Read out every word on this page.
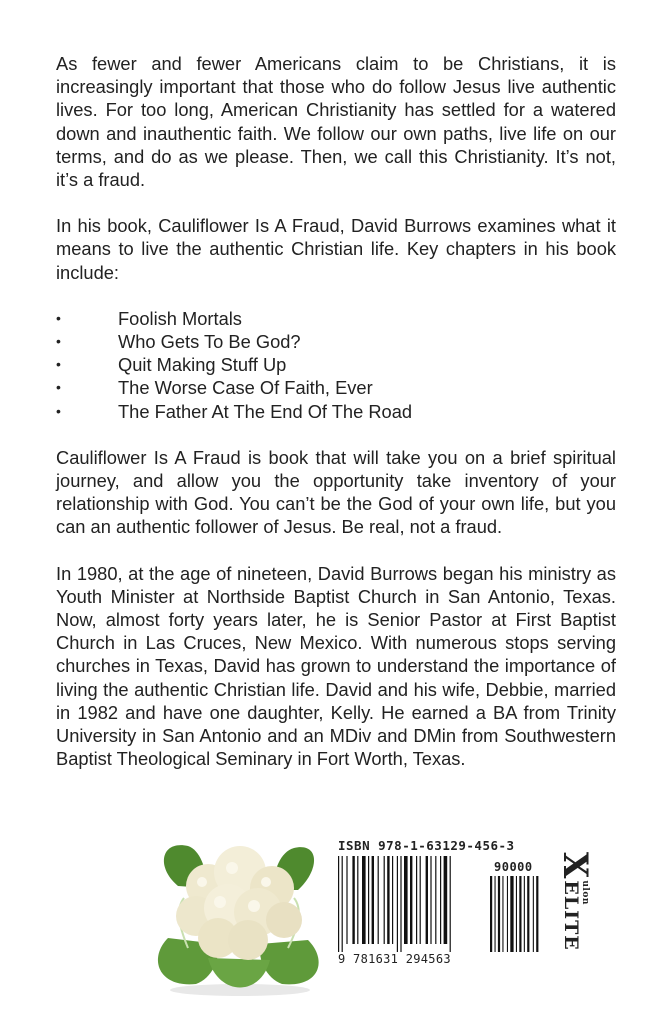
As fewer and fewer Americans claim to be Christians, it is increasingly important that those who do follow Jesus live authentic lives. For too long, American Christianity has settled for a watered down and inauthentic faith. We follow our own paths, live life on our terms, and do as we please. Then, we call this Christianity. It’s not, it’s a fraud.

In his book, Cauliflower Is A Fraud, David Burrows examines what it means to live the authentic Christian life. Key chapters in his book include:

• Foolish Mortals
• Who Gets To Be God?
• Quit Making Stuff Up
• The Worse Case Of Faith, Ever
• The Father At The End Of The Road

Cauliflower Is A Fraud is book that will take you on a brief spiritual journey, and allow you the opportunity take inventory of your relationship with God. You can’t be the God of your own life, but you can an authentic follower of Jesus. Be real, not a fraud.

In 1980, at the age of nineteen, David Burrows began his ministry as Youth Minister at Northside Baptist Church in San Antonio, Texas. Now, almost forty years later, he is Senior Pastor at First Baptist Church in Las Cruces, New Mexico. With numerous stops serving churches in Texas, David has grown to understand the importance of living the authentic Christian life. David and his wife, Debbie, married in 1982 and have one daughter, Kelly. He earned a BA from Trinity University in San Antonio and an MDiv and DMin from Southwestern Baptist Theological Seminary in Fort Worth, Texas.

ISBN 978-1-63129-456-3
90000
9 781631 294563
X
ulon
ELITE
